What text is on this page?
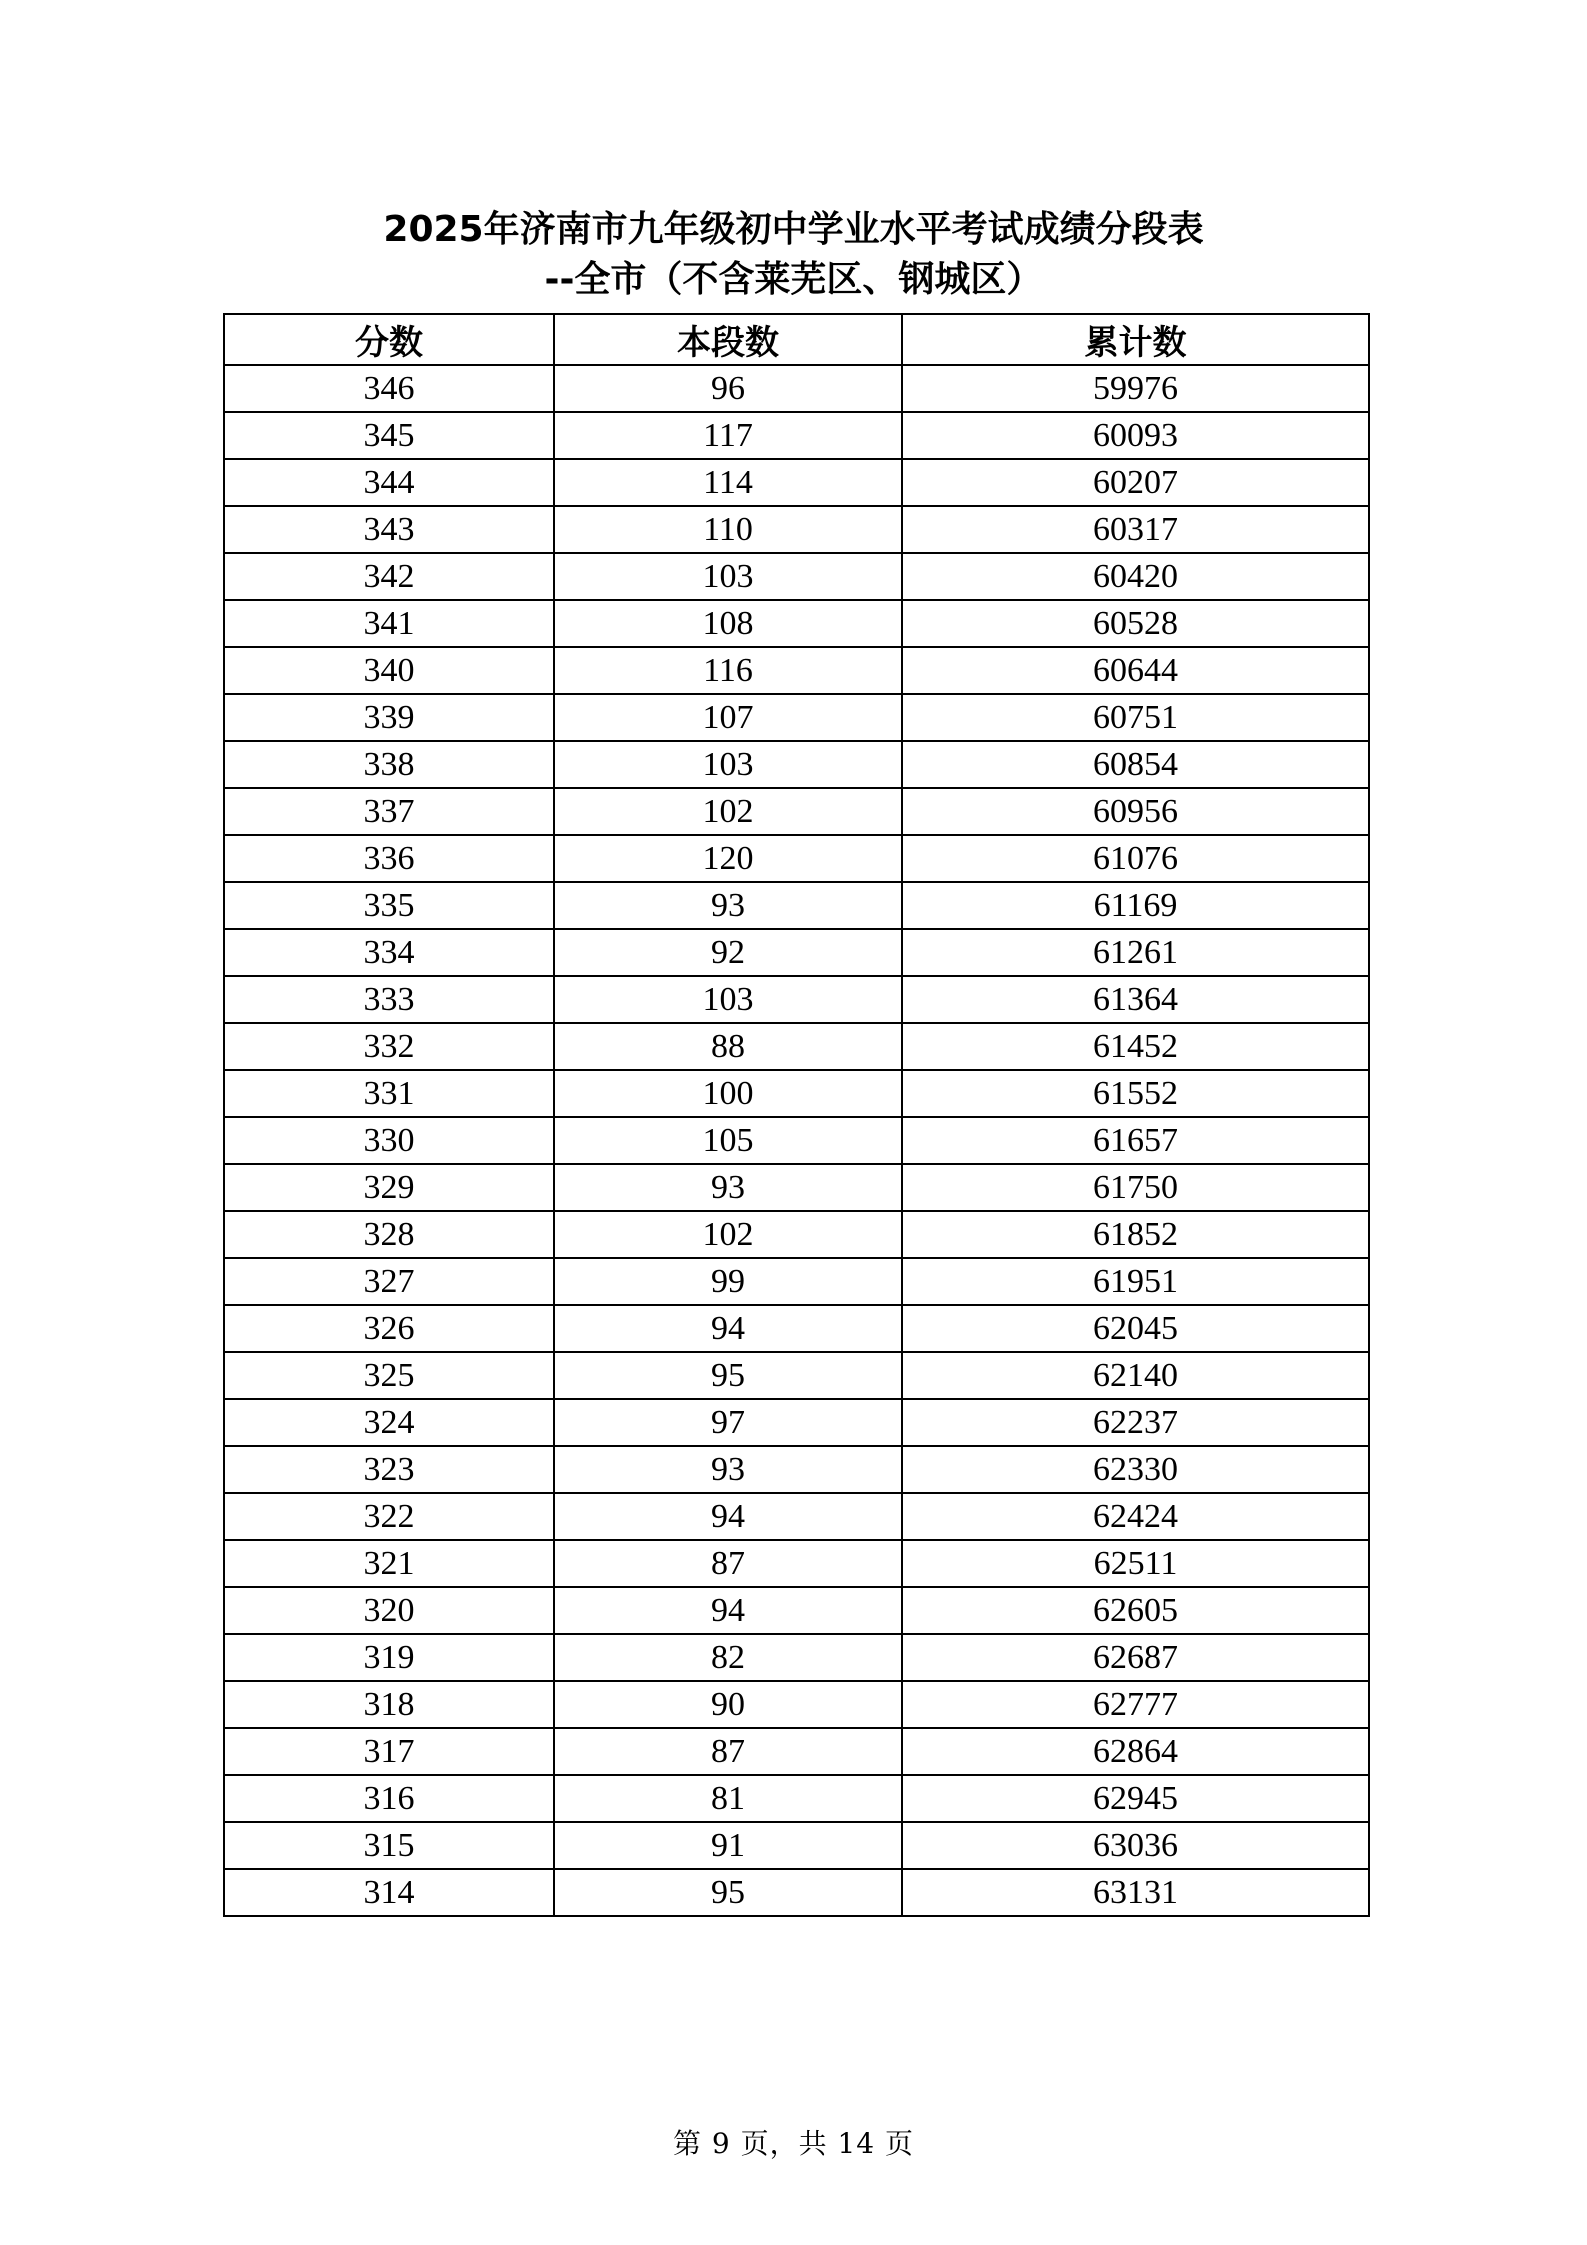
2025年济南市九年级初中学业水平考试成绩分段表
--全市（不含莱芜区、钢城区）
分数	本段数	累计数
346	96	59976
345	117	60093
344	114	60207
343	110	60317
342	103	60420
341	108	60528
340	116	60644
339	107	60751
338	103	60854
337	102	60956
336	120	61076
335	93	61169
334	92	61261
333	103	61364
332	88	61452
331	100	61552
330	105	61657
329	93	61750
328	102	61852
327	99	61951
326	94	62045
325	95	62140
324	97	62237
323	93	62330
322	94	62424
321	87	62511
320	94	62605
319	82	62687
318	90	62777
317	87	62864
316	81	62945
315	91	63036
314	95	63131
第 9 页，共 14 页
